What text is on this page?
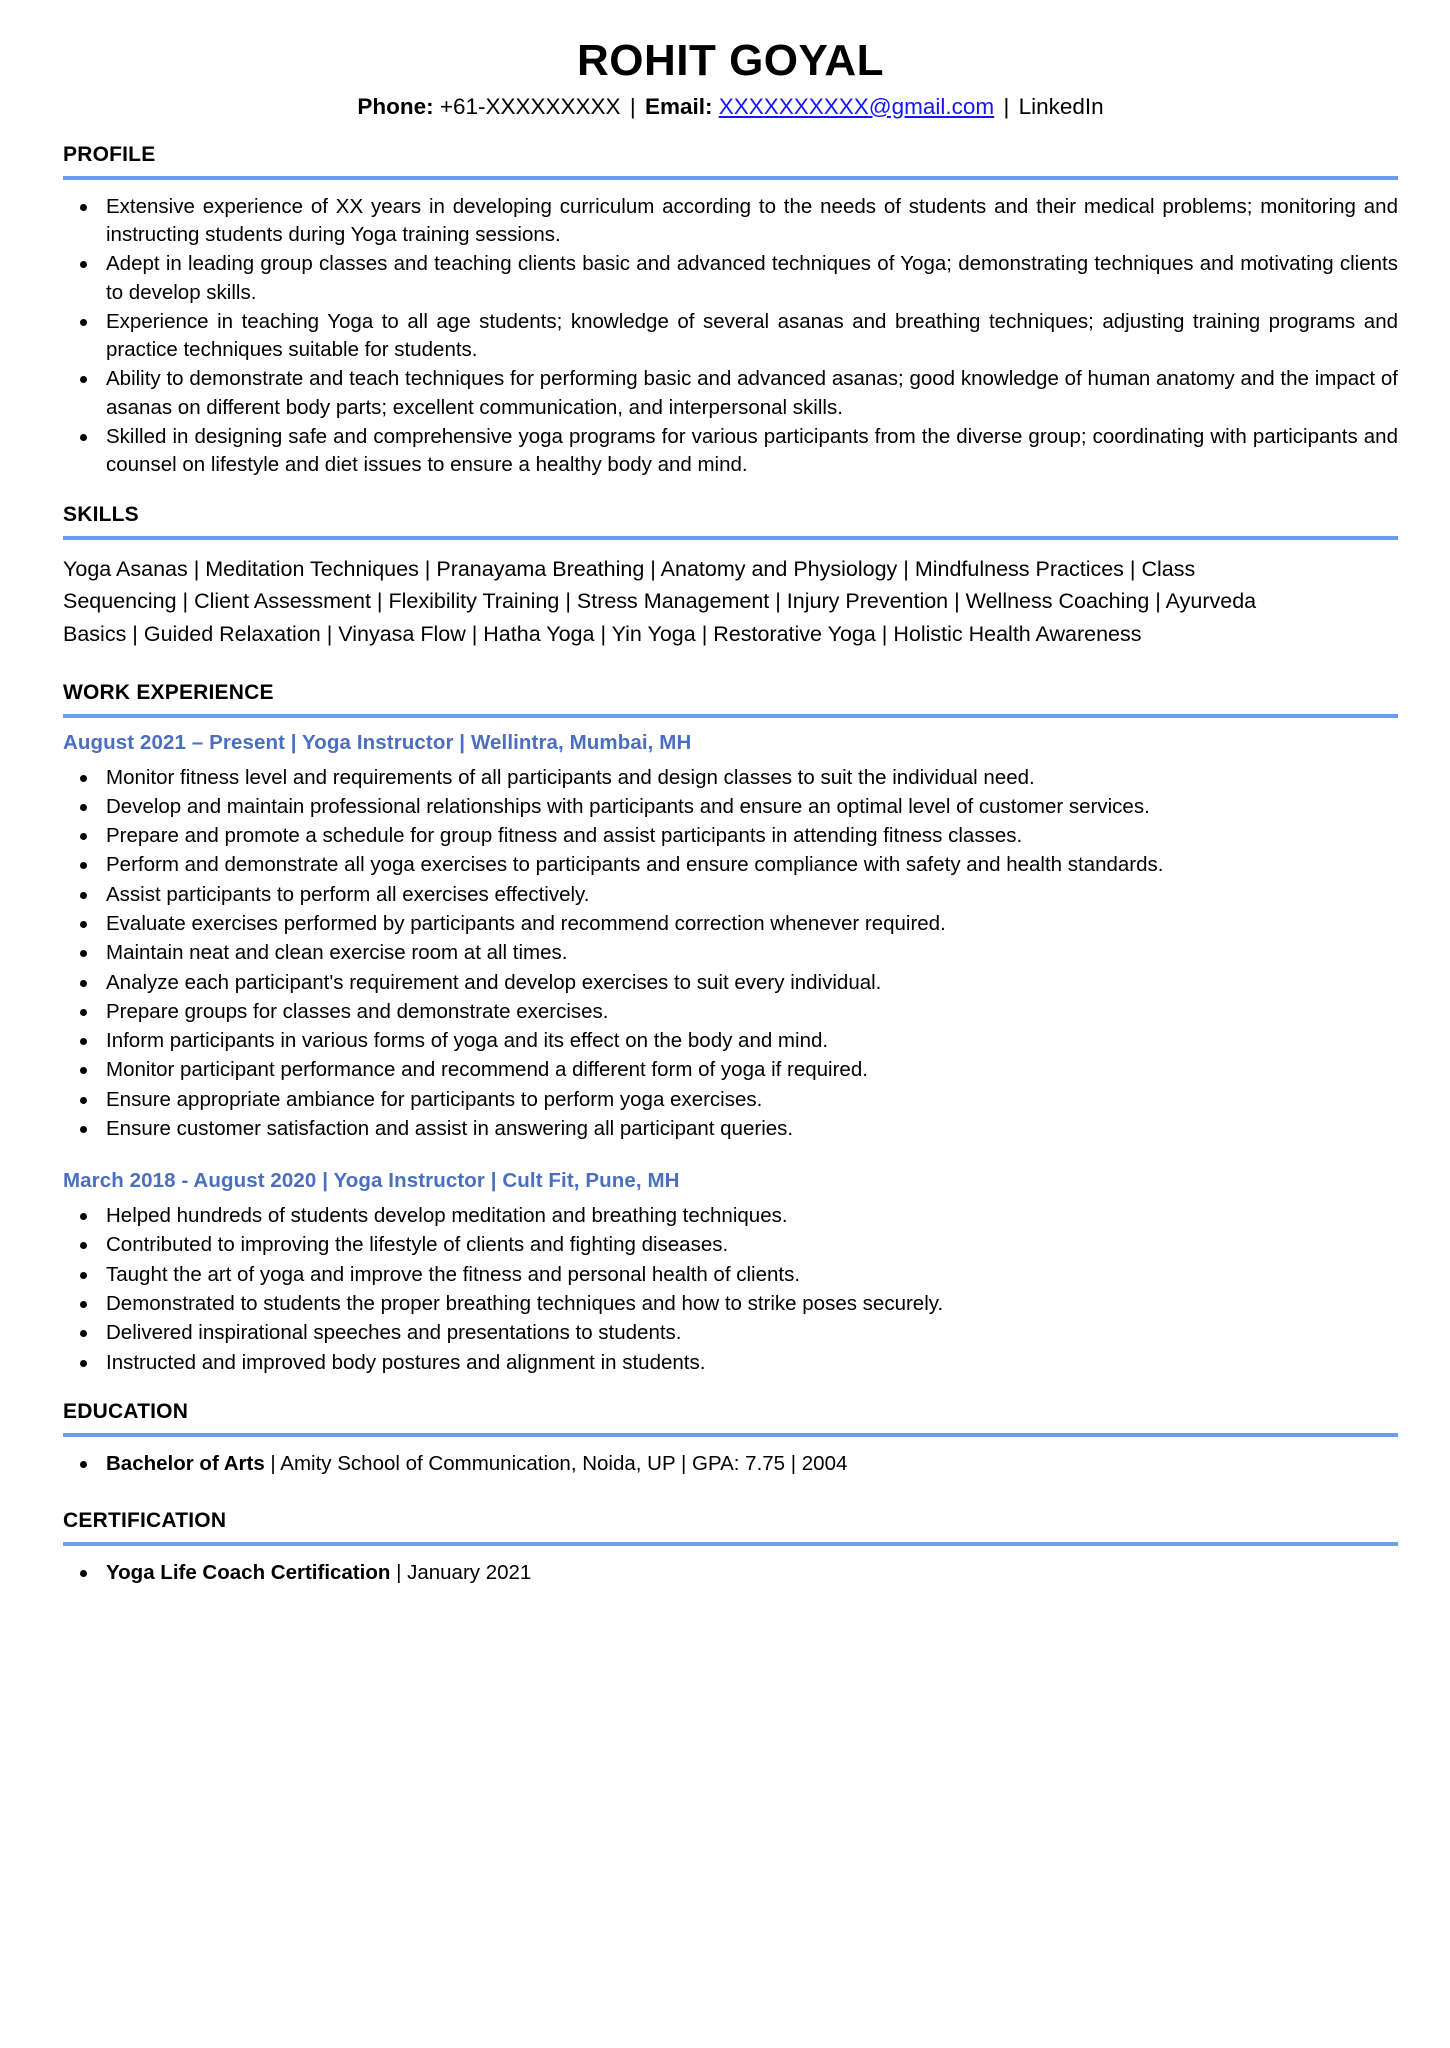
ROHIT GOYAL
Phone: +61-XXXXXXXXX | Email: XXXXXXXXXX@gmail.com | LinkedIn
PROFILE
Extensive experience of XX years in developing curriculum according to the needs of students and their medical problems; monitoring and instructing students during Yoga training sessions.
Adept in leading group classes and teaching clients basic and advanced techniques of Yoga; demonstrating techniques and motivating clients to develop skills.
Experience in teaching Yoga to all age students; knowledge of several asanas and breathing techniques; adjusting training programs and practice techniques suitable for students.
Ability to demonstrate and teach techniques for performing basic and advanced asanas; good knowledge of human anatomy and the impact of asanas on different body parts; excellent communication, and interpersonal skills.
Skilled in designing safe and comprehensive yoga programs for various participants from the diverse group; coordinating with participants and counsel on lifestyle and diet issues to ensure a healthy body and mind.
SKILLS
Yoga Asanas | Meditation Techniques | Pranayama Breathing | Anatomy and Physiology | Mindfulness Practices | Class Sequencing | Client Assessment | Flexibility Training | Stress Management | Injury Prevention | Wellness Coaching | Ayurveda Basics | Guided Relaxation | Vinyasa Flow | Hatha Yoga | Yin Yoga | Restorative Yoga | Holistic Health Awareness
WORK EXPERIENCE
August 2021 – Present | Yoga Instructor | Wellintra, Mumbai, MH
Monitor fitness level and requirements of all participants and design classes to suit the individual need.
Develop and maintain professional relationships with participants and ensure an optimal level of customer services.
Prepare and promote a schedule for group fitness and assist participants in attending fitness classes.
Perform and demonstrate all yoga exercises to participants and ensure compliance with safety and health standards.
Assist participants to perform all exercises effectively.
Evaluate exercises performed by participants and recommend correction whenever required.
Maintain neat and clean exercise room at all times.
Analyze each participant's requirement and develop exercises to suit every individual.
Prepare groups for classes and demonstrate exercises.
Inform participants in various forms of yoga and its effect on the body and mind.
Monitor participant performance and recommend a different form of yoga if required.
Ensure appropriate ambiance for participants to perform yoga exercises.
Ensure customer satisfaction and assist in answering all participant queries.
March 2018 - August 2020 | Yoga Instructor | Cult Fit, Pune, MH
Helped hundreds of students develop meditation and breathing techniques.
Contributed to improving the lifestyle of clients and fighting diseases.
Taught the art of yoga and improve the fitness and personal health of clients.
Demonstrated to students the proper breathing techniques and how to strike poses securely.
Delivered inspirational speeches and presentations to students.
Instructed and improved body postures and alignment in students.
EDUCATION
Bachelor of Arts | Amity School of Communication, Noida, UP | GPA: 7.75 | 2004
CERTIFICATION
Yoga Life Coach Certification | January 2021
